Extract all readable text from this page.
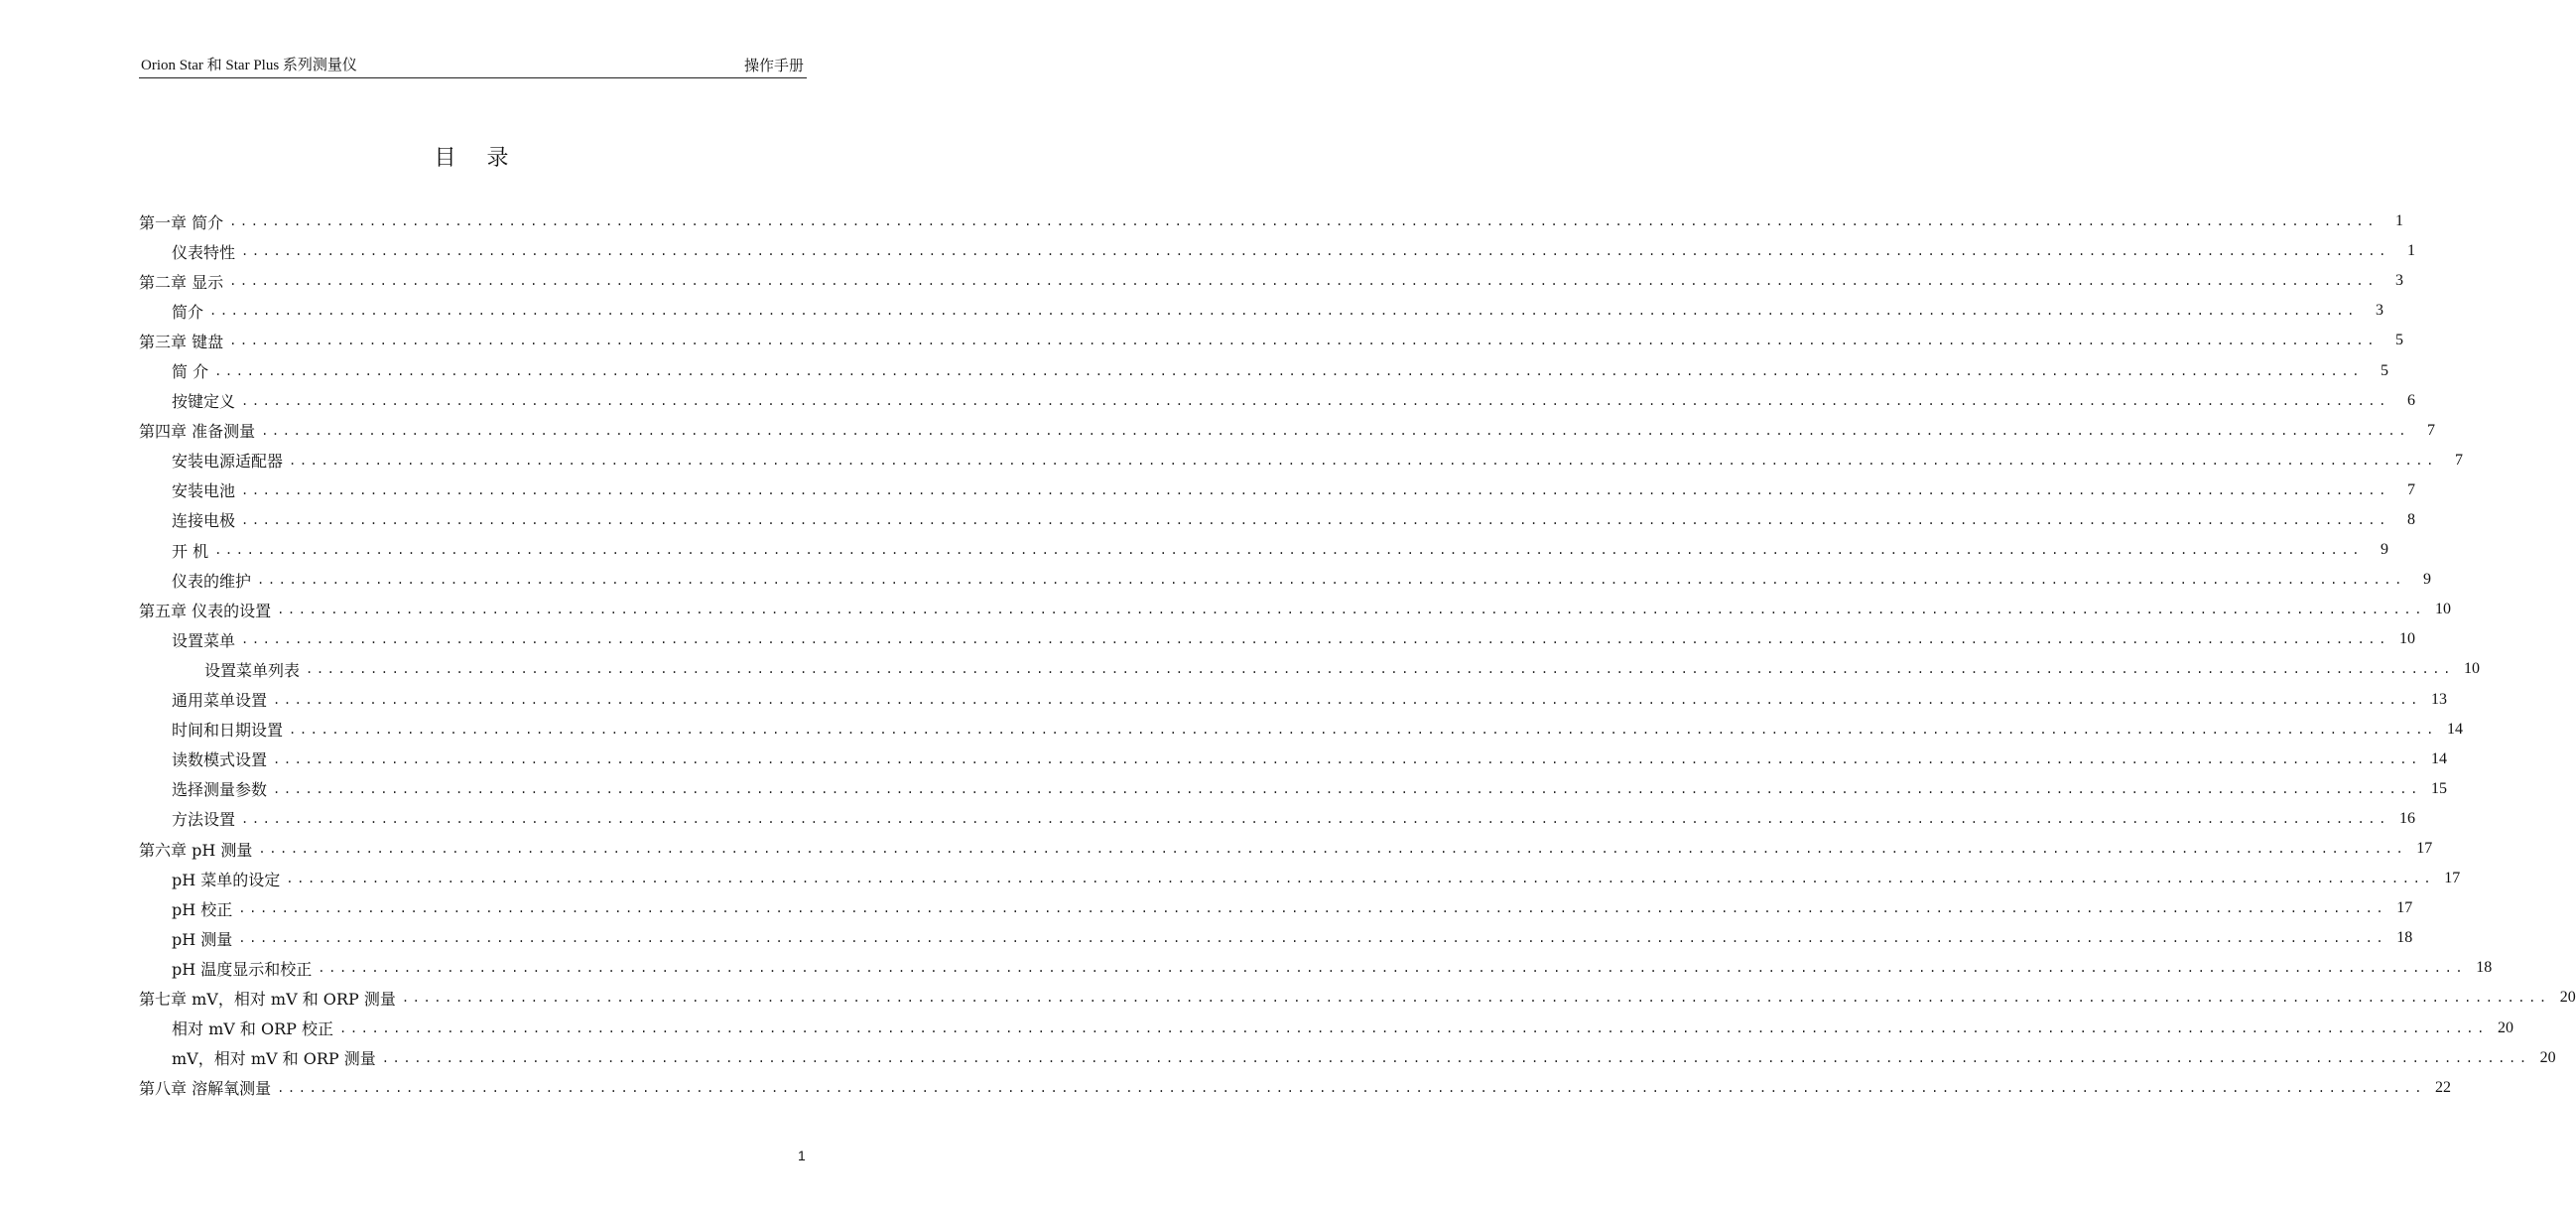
Orion Star 和 Star Plus 系列测量仪	操作手册
目 录
第一章 简介 ........................................................................................................................................................................................................	1
仪表特性 ........................................................................................................................................................................................................	1
第二章 显示 ........................................................................................................................................................................................................	3
简介 ........................................................................................................................................................................................................	3
第三章 键盘 ........................................................................................................................................................................................................	5
简 介 ........................................................................................................................................................................................................	5
按键定义 ........................................................................................................................................................................................................	6
第四章 准备测量 ........................................................................................................................................................................................................	7
安装电源适配器 ........................................................................................................................................................................................................	7
安装电池 ........................................................................................................................................................................................................	7
连接电极 ........................................................................................................................................................................................................	8
开 机 ........................................................................................................................................................................................................	9
仪表的维护 ........................................................................................................................................................................................................	9
第五章 仪表的设置 ........................................................................................................................................................................................................ 10
设置菜单 ........................................................................................................................................................................................................ 10
设置菜单列表 ........................................................................................................................................................................................................ 10
通用菜单设置 ........................................................................................................................................................................................................ 13
时间和日期设置 ........................................................................................................................................................................................................ 14
读数模式设置 ........................................................................................................................................................................................................ 14
选择测量参数 ........................................................................................................................................................................................................ 15
方法设置 ........................................................................................................................................................................................................ 16
第六章 pH 测量 ........................................................................................................................................................................................................ 17
pH 菜单的设定 ........................................................................................................................................................................................................ 17
pH 校正 ........................................................................................................................................................................................................ 17
pH 测量 ........................................................................................................................................................................................................ 18
pH 温度显示和校正 ........................................................................................................................................................................................................ 18
第七章 mV，相对 mV 和 ORP 测量 ........................................................................................................................................................................................................ 20
相对 mV 和 ORP 校正 ........................................................................................................................................................................................................ 20
mV，相对 mV 和 ORP 测量 ........................................................................................................................................................................................................ 20
第八章 溶解氧测量 ........................................................................................................................................................................................................ 22
1
